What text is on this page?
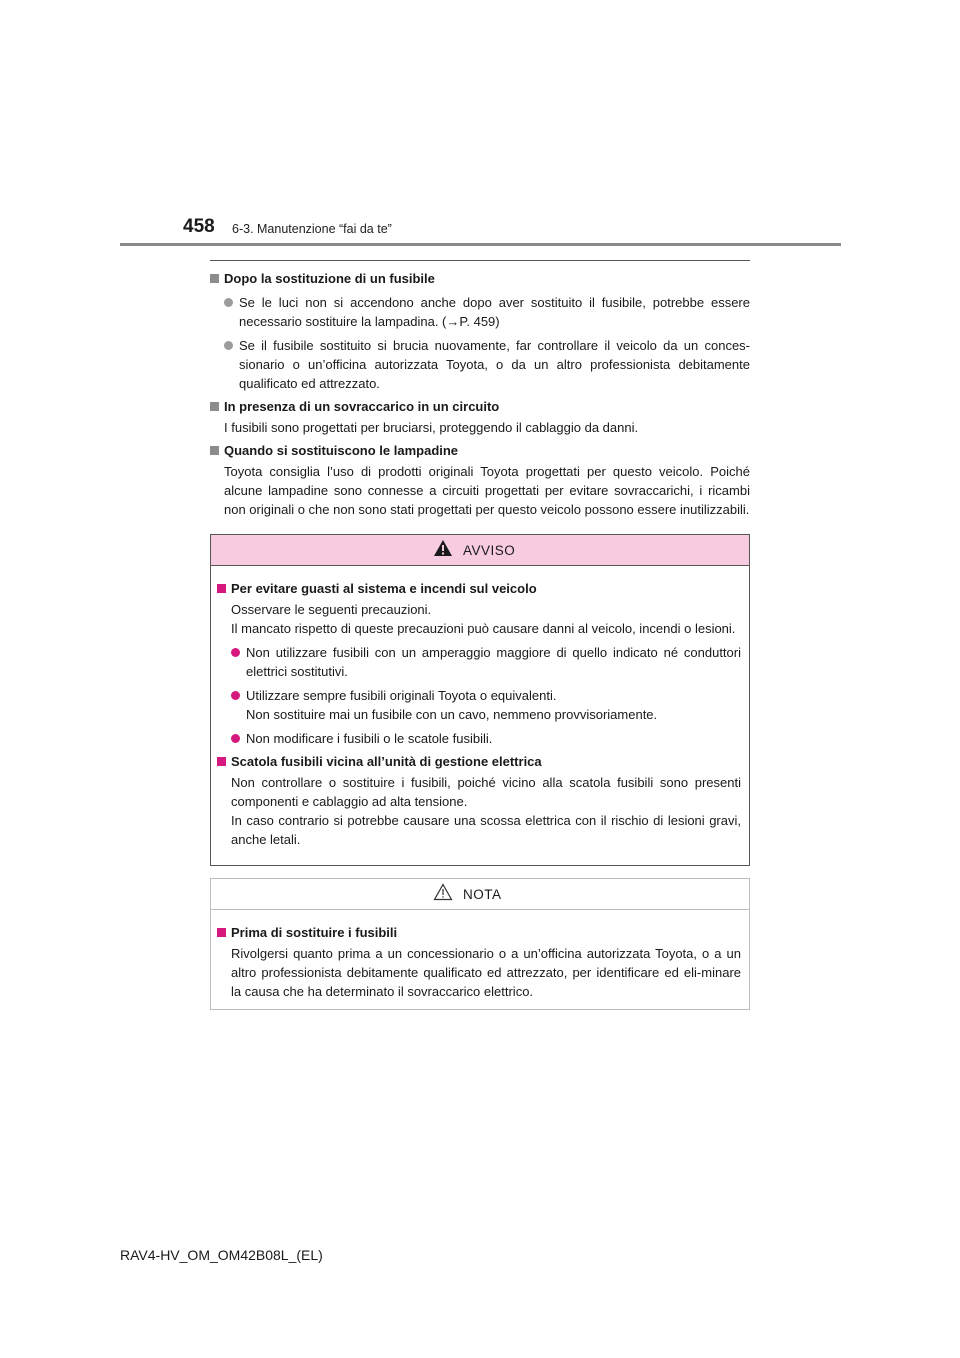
458 6-3. Manutenzione “fai da te”
Dopo la sostituzione di un fusibile
Se le luci non si accendono anche dopo aver sostituito il fusibile, potrebbe essere necessario sostituire la lampadina. (→P. 459)
Se il fusibile sostituito si brucia nuovamente, far controllare il veicolo da un conces-sionario o un’officina autorizzata Toyota, o da un altro professionista debitamente qualificato ed attrezzato.
In presenza di un sovraccarico in un circuito
I fusibili sono progettati per bruciarsi, proteggendo il cablaggio da danni.
Quando si sostituiscono le lampadine
Toyota consiglia l’uso di prodotti originali Toyota progettati per questo veicolo. Poiché alcune lampadine sono connesse a circuiti progettati per evitare sovraccarichi, i ricambi non originali o che non sono stati progettati per questo veicolo possono essere inutilizzabili.
AVVISO
Per evitare guasti al sistema e incendi sul veicolo
Osservare le seguenti precauzioni.
Il mancato rispetto di queste precauzioni può causare danni al veicolo, incendi o lesioni.
Non utilizzare fusibili con un amperaggio maggiore di quello indicato né conduttori elettrici sostitutivi.
Utilizzare sempre fusibili originali Toyota o equivalenti.
Non sostituire mai un fusibile con un cavo, nemmeno provvisoriamente.
Non modificare i fusibili o le scatole fusibili.
Scatola fusibili vicina all’unità di gestione elettrica
Non controllare o sostituire i fusibili, poiché vicino alla scatola fusibili sono presenti componenti e cablaggio ad alta tensione.
In caso contrario si potrebbe causare una scossa elettrica con il rischio di lesioni gravi, anche letali.
NOTA
Prima di sostituire i fusibili
Rivolgersi quanto prima a un concessionario o a un’officina autorizzata Toyota, o a un altro professionista debitamente qualificato ed attrezzato, per identificare ed eli-minare la causa che ha determinato il sovraccarico elettrico.
RAV4-HV_OM_OM42B08L_(EL)
